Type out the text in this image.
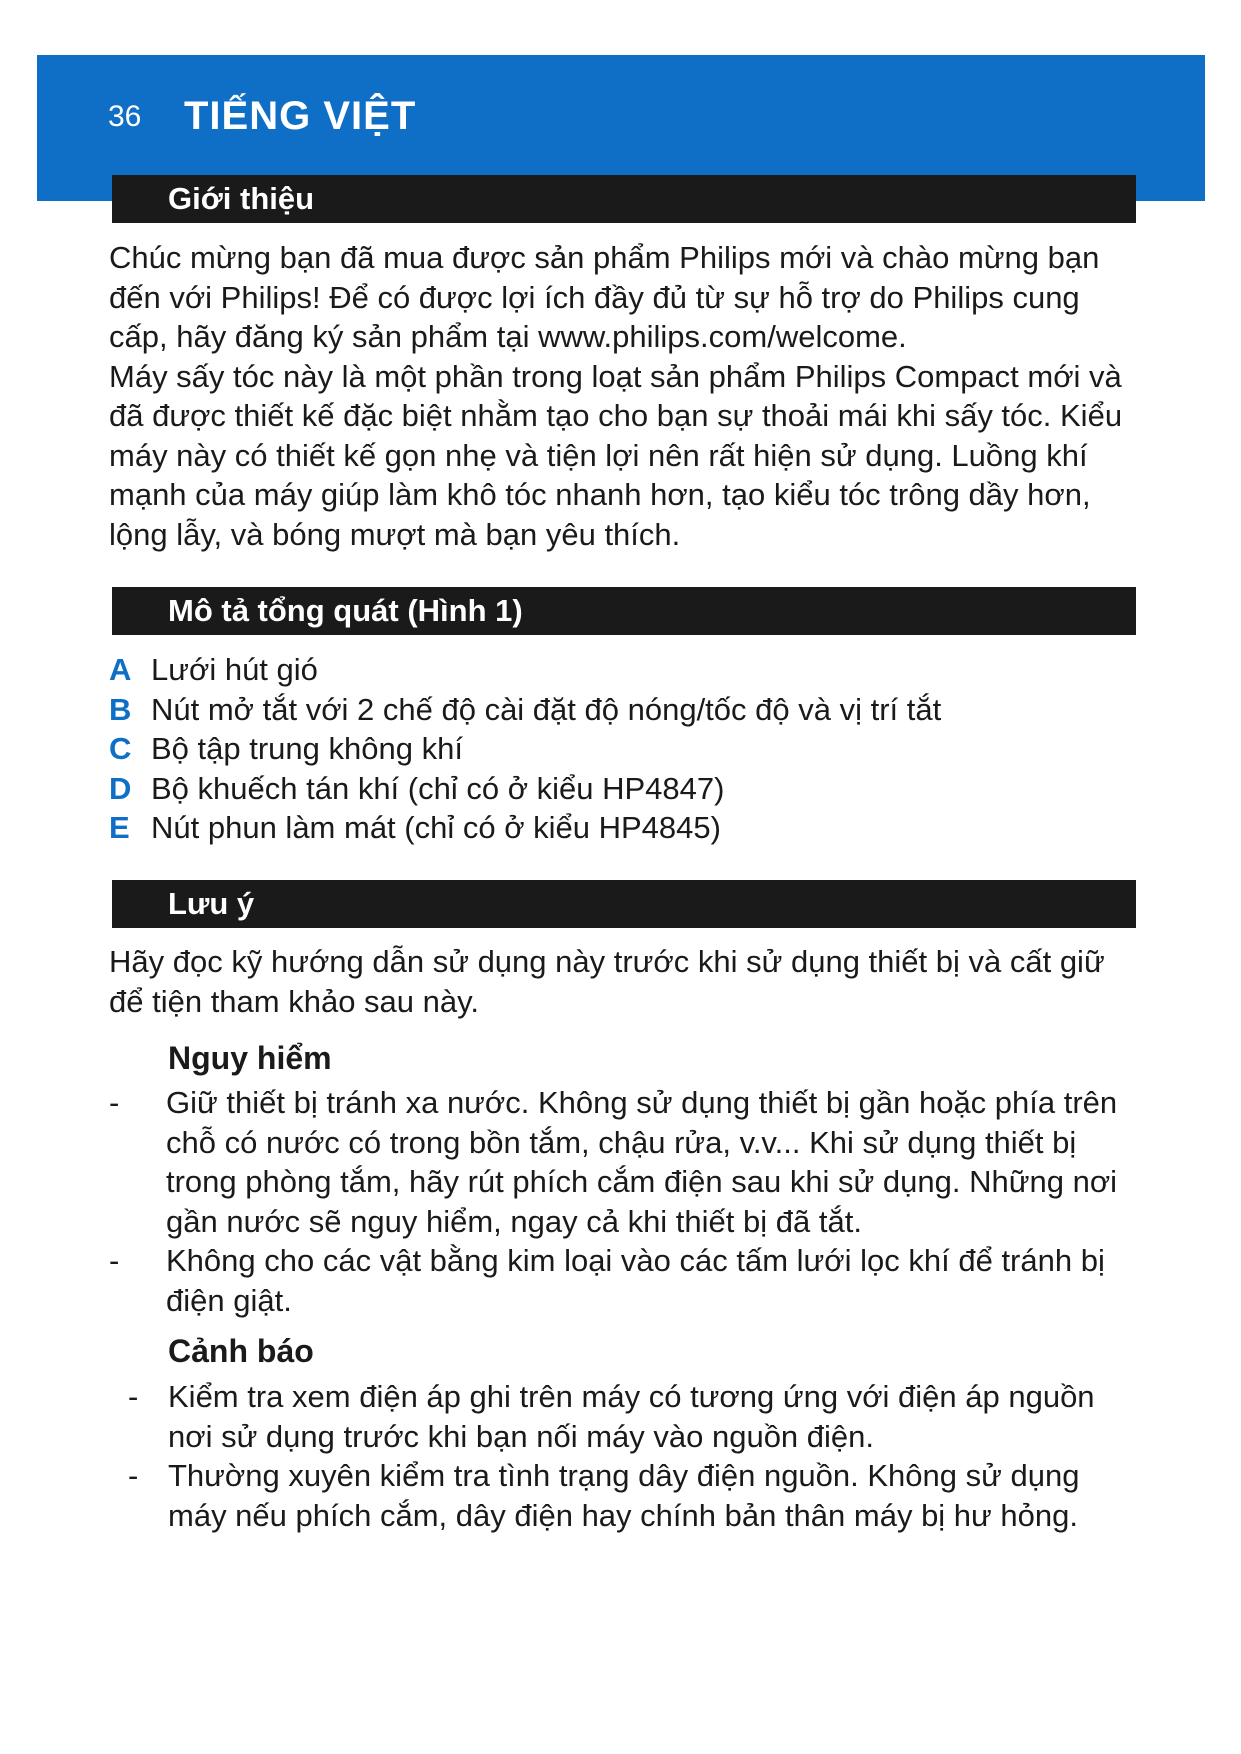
36 TIẾNG VIỆT
Giới thiệu

Chúc mừng bạn đã mua được sản phẩm Philips mới và chào mừng bạn

đến với Philips! Để có được lợi ích đầy đủ từ sự hỗ trợ do Philips cung

cấp, hãy đăng ký sản phẩm tại www.philips.com/welcome.

Máy sấy tóc này là một phần trong loạt sản phẩm Philips Compact mới và

đã được thiết kế đặc biệt nhằm tạo cho bạn sự thoải mái khi sấy tóc. Kiểu

máy này có thiết kế gọn nhẹ và tiện lợi nên rất hiện sử dụng. Luồng khí

mạnh của máy giúp làm khô tóc nhanh hơn, tạo kiểu tóc trông dầy hơn,

lộng lẫy, và bóng mượt mà bạn yêu thích.

Mô tả tổng quát (Hình 1)
A Lưới hút gió
B Nút mở tắt với 2 chế độ cài đặt độ nóng/tốc độ và vị trí tắt
C Bộ tập trung không khí
D Bộ khuếch tán khí (chỉ có ở kiểu HP4847)
E Nút phun làm mát (chỉ có ở kiểu HP4845)
Lưu ý

Hãy đọc kỹ hướng dẫn sử dụng này trước khi sử dụng thiết bị và cất giữ

để tiện tham khảo sau này.

Nguy hiểm
- Giữ thiết bị tránh xa nước. Không sử dụng thiết bị gần hoặc phía trên chỗ có nước có trong bồn tắm, chậu rửa, v.v... Khi sử dụng thiết bị trong phòng tắm, hãy rút phích cắm điện sau khi sử dụng. Những nơi gần nước sẽ nguy hiểm, ngay cả khi thiết bị đã tắt.
- Không cho các vật bằng kim loại vào các tấm lưới lọc khí để tránh bị điện giật.
Cảnh báo
- Kiểm tra xem điện áp ghi trên máy có tương ứng với điện áp nguồn nơi sử dụng trước khi bạn nối máy vào nguồn điện.
- Thường xuyên kiểm tra tình trạng dây điện nguồn. Không sử dụng máy nếu phích cắm, dây điện hay chính bản thân máy bị hư hỏng.
